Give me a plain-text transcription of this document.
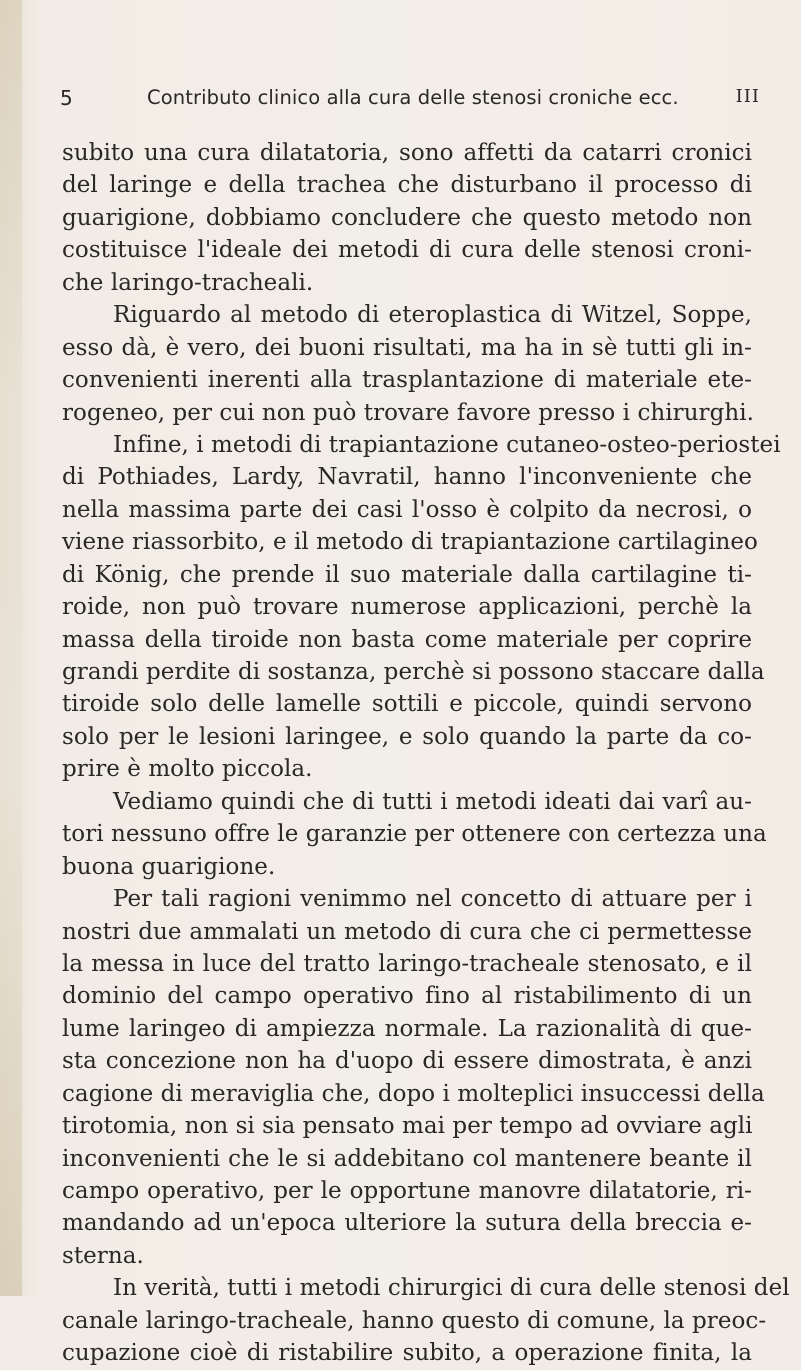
5	Contributo clinico alla cura delle stenosi croniche ecc.	III
subito una cura dilatatoria, sono affetti da catarri cronici
del laringe e della trachea che disturbano il processo di
guarigione, dobbiamo concludere che questo metodo non
costituisce l'ideale dei metodi di cura delle stenosi croni-
che laringo-tracheali.
Riguardo al metodo di eteroplastica di Witzel, Soppe,
esso dà, è vero, dei buoni risultati, ma ha in sè tutti gli in-
convenienti inerenti alla trasplantazione di materiale ete-
rogeneo, per cui non può trovare favore presso i chirurghi.
Infine, i metodi di trapiantazione cutaneo-osteo-periostei
di Pothiades, Lardy, Navratil, hanno l'inconveniente che
nella massima parte dei casi l'osso è colpito da necrosi, o
viene riassorbito, e il metodo di trapiantazione cartilagineo
di König, che prende il suo materiale dalla cartilagine ti-
roide, non può trovare numerose applicazioni, perchè la
massa della tiroide non basta come materiale per coprire
grandi perdite di sostanza, perchè si possono staccare dalla
tiroide solo delle lamelle sottili e piccole, quindi servono
solo per le lesioni laringee, e solo quando la parte da co-
prire è molto piccola.
Vediamo quindi che di tutti i metodi ideati dai varî au-
tori nessuno offre le garanzie per ottenere con certezza una
buona guarigione.
Per tali ragioni venimmo nel concetto di attuare per i
nostri due ammalati un metodo di cura che ci permettesse
la messa in luce del tratto laringo-tracheale stenosato, e il
dominio del campo operativo fino al ristabilimento di un
lume laringeo di ampiezza normale. La razionalità di que-
sta concezione non ha d'uopo di essere dimostrata, è anzi
cagione di meraviglia che, dopo i molteplici insuccessi della
tirotomia, non si sia pensato mai per tempo ad ovviare agli
inconvenienti che le si addebitano col mantenere beante il
campo operativo, per le opportune manovre dilatatorie, ri-
mandando ad un'epoca ulteriore la sutura della breccia e-
sterna.
In verità, tutti i metodi chirurgici di cura delle stenosi del
canale laringo-tracheale, hanno questo di comune, la preoc-
cupazione cioè di ristabilire subito, a operazione finita, la
